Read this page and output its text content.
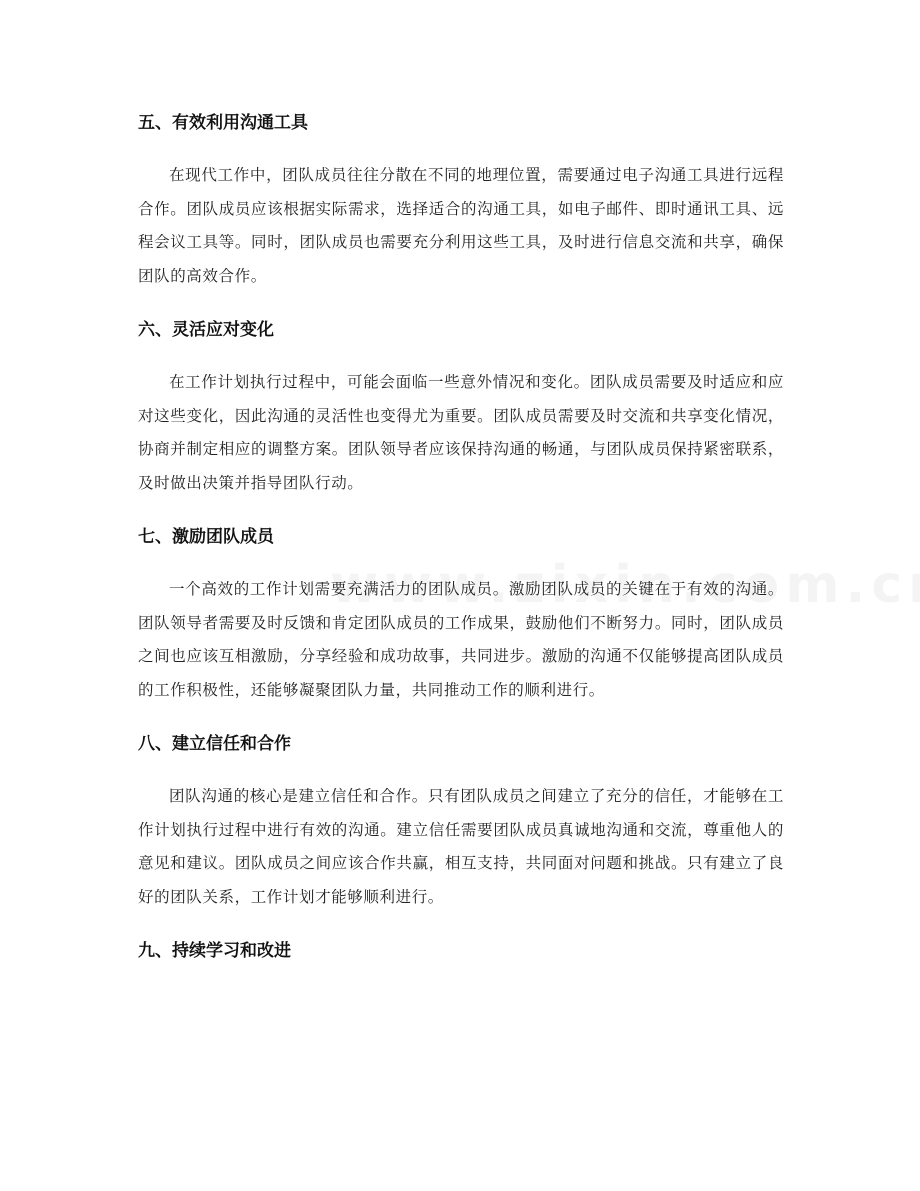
五、有效利用沟通工具

在现代工作中，团队成员往往分散在不同的地理位置，需要通过电子沟通工具进行远程合作。团队成员应该根据实际需求，选择适合的沟通工具，如电子邮件、即时通讯工具、远程会议工具等。同时，团队成员也需要充分利用这些工具，及时进行信息交流和共享，确保团队的高效合作。

六、灵活应对变化

在工作计划执行过程中，可能会面临一些意外情况和变化。团队成员需要及时适应和应对这些变化，因此沟通的灵活性也变得尤为重要。团队成员需要及时交流和共享变化情况，协商并制定相应的调整方案。团队领导者应该保持沟通的畅通，与团队成员保持紧密联系，及时做出决策并指导团队行动。

七、激励团队成员

一个高效的工作计划需要充满活力的团队成员。激励团队成员的关键在于有效的沟通。团队领导者需要及时反馈和肯定团队成员的工作成果，鼓励他们不断努力。同时，团队成员之间也应该互相激励，分享经验和成功故事，共同进步。激励的沟通不仅能够提高团队成员的工作积极性，还能够凝聚团队力量，共同推动工作的顺利进行。

八、建立信任和合作

团队沟通的核心是建立信任和合作。只有团队成员之间建立了充分的信任，才能够在工作计划执行过程中进行有效的沟通。建立信任需要团队成员真诚地沟通和交流，尊重他人的意见和建议。团队成员之间应该合作共赢，相互支持，共同面对问题和挑战。只有建立了良好的团队关系，工作计划才能够顺利进行。

九、持续学习和改进
